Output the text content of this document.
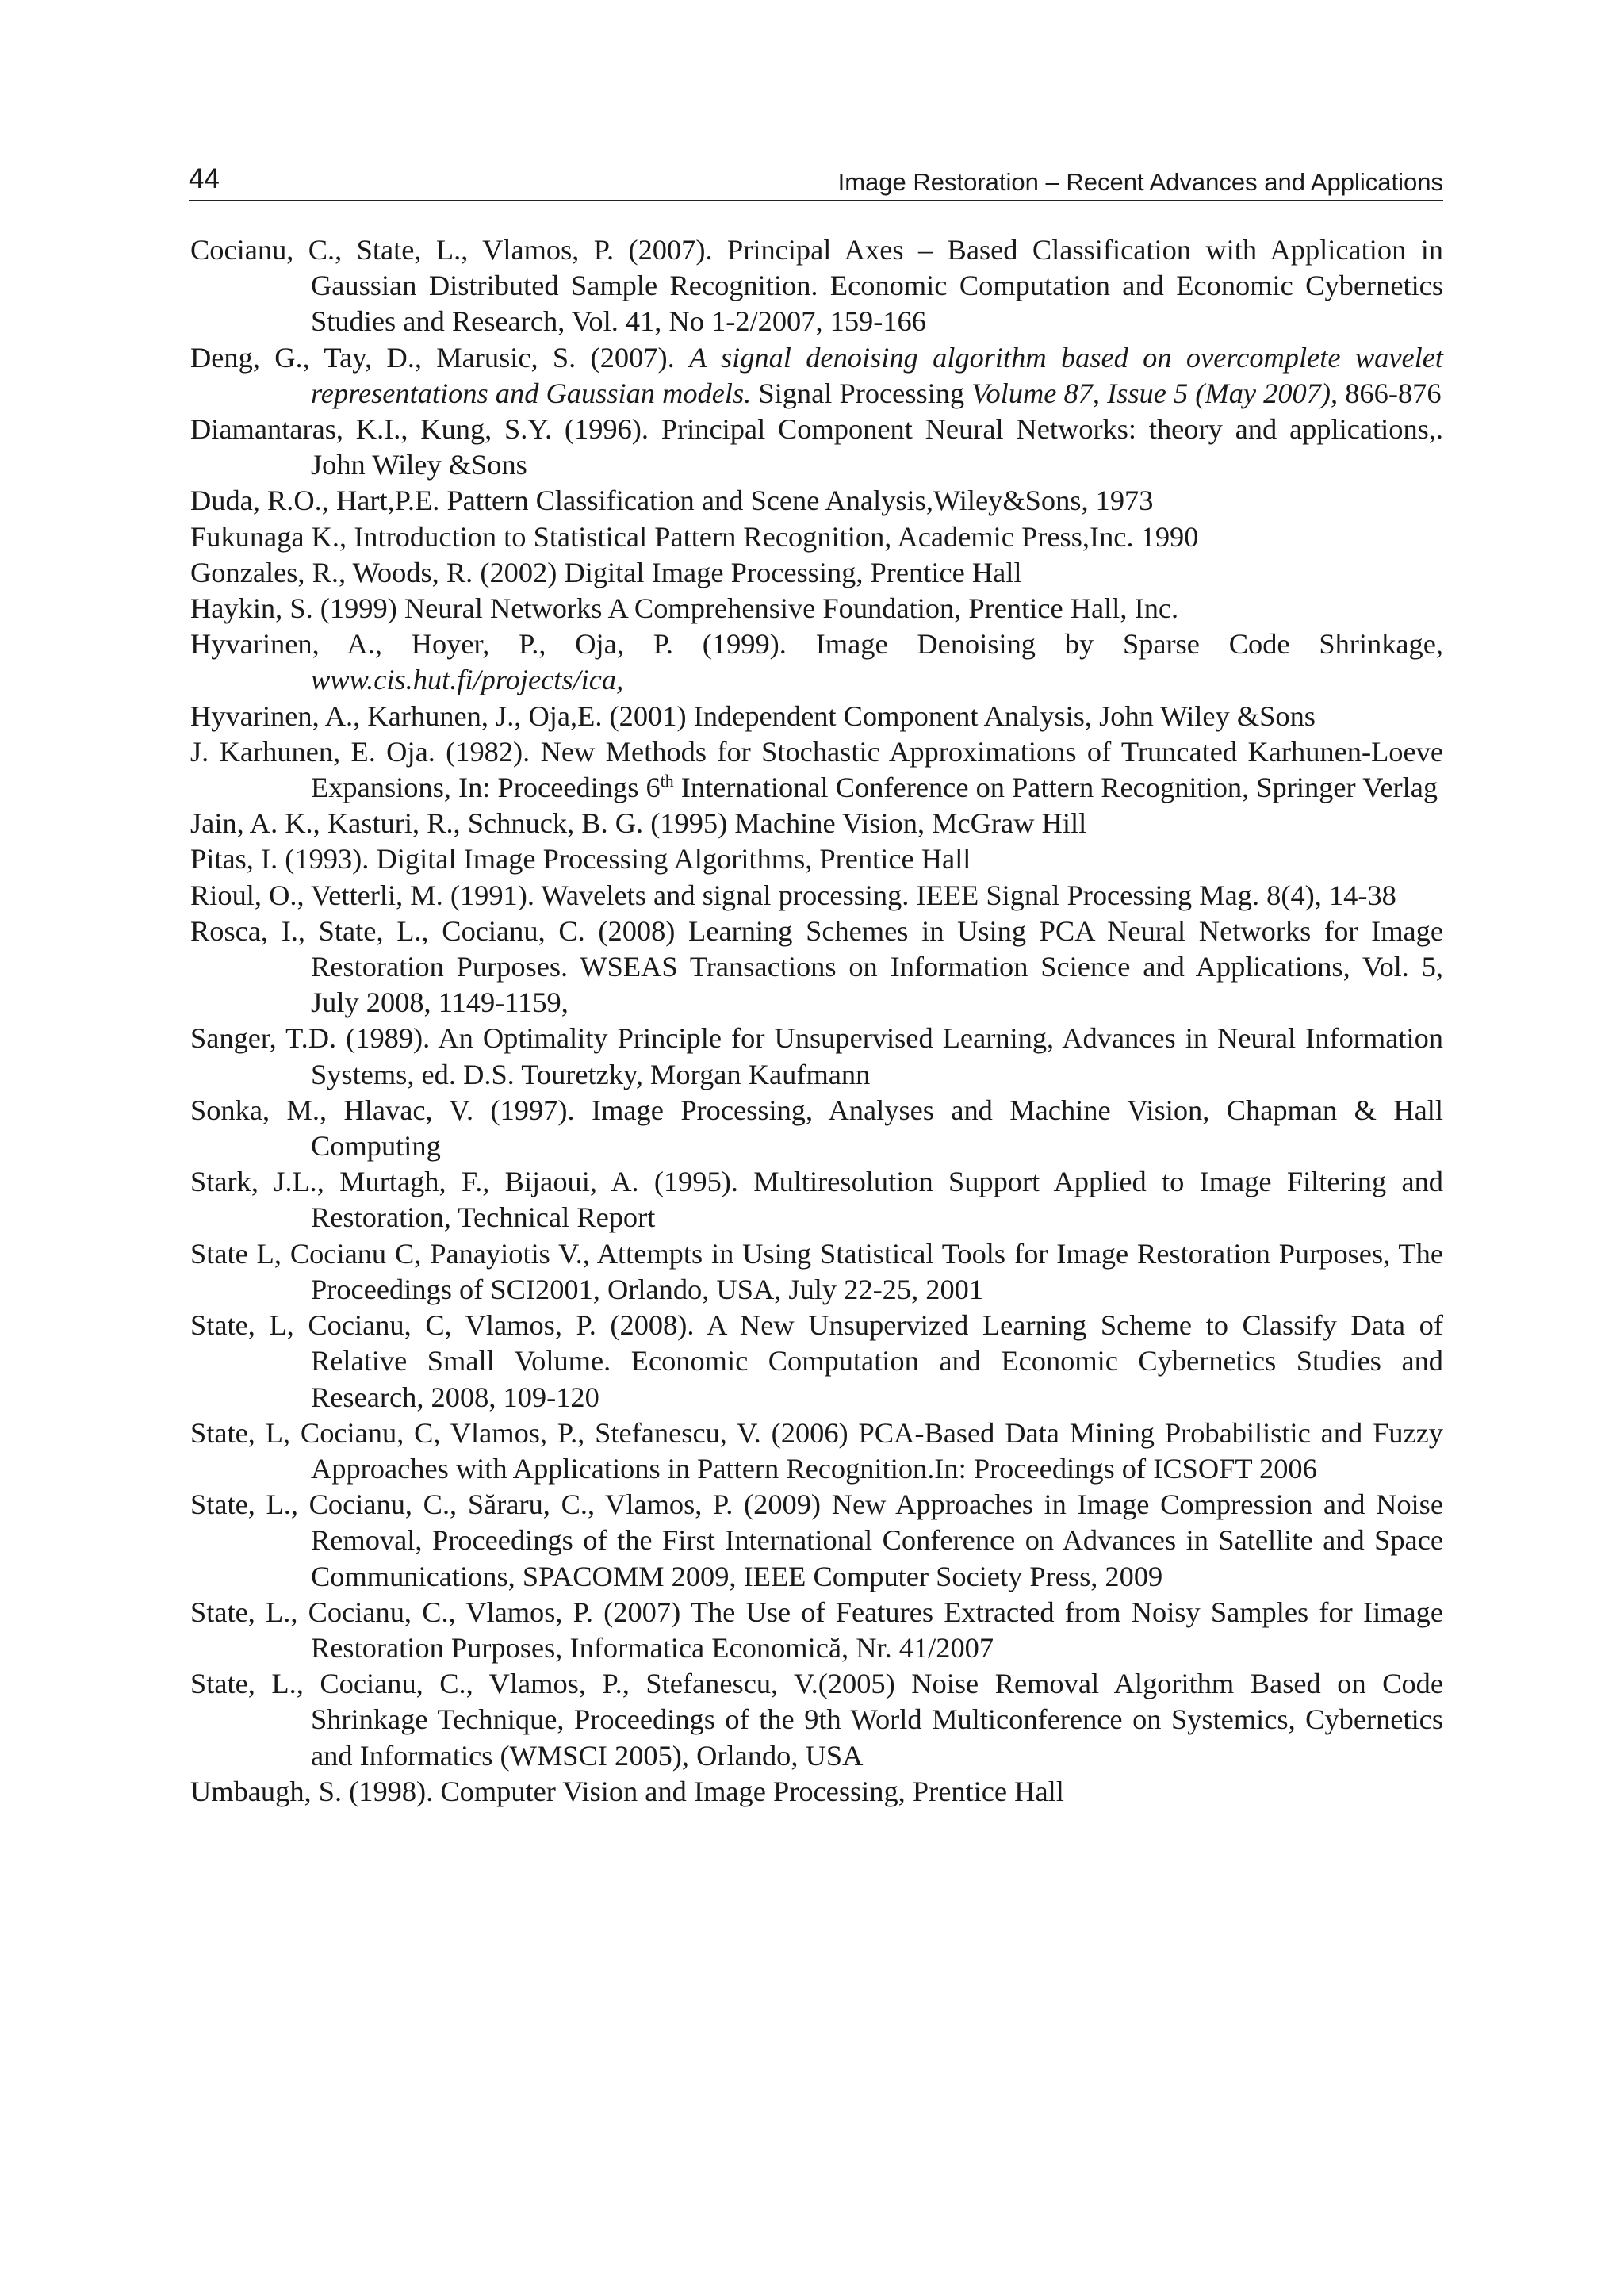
44	Image Restoration – Recent Advances and Applications
Cocianu, C., State, L., Vlamos, P. (2007). Principal Axes – Based Classification with Application in Gaussian Distributed Sample Recognition. Economic Computation and Economic Cybernetics Studies and Research, Vol. 41, No 1-2/2007, 159-166
Deng, G., Tay, D., Marusic, S. (2007). A signal denoising algorithm based on overcomplete wavelet representations and Gaussian models. Signal Processing Volume 87, Issue 5 (May 2007), 866-876
Diamantaras, K.I., Kung, S.Y. (1996). Principal Component Neural Networks: theory and applications,. John Wiley &Sons
Duda, R.O., Hart,P.E. Pattern Classification and Scene Analysis,Wiley&Sons, 1973
Fukunaga K., Introduction to Statistical Pattern Recognition, Academic Press,Inc. 1990
Gonzales, R., Woods, R. (2002) Digital Image Processing, Prentice Hall
Haykin, S. (1999) Neural Networks A Comprehensive Foundation, Prentice Hall, Inc.
Hyvarinen, A., Hoyer, P., Oja, P. (1999). Image Denoising by Sparse Code Shrinkage, www.cis.hut.fi/projects/ica,
Hyvarinen, A., Karhunen, J., Oja,E. (2001) Independent Component Analysis, John Wiley &Sons
J. Karhunen, E. Oja. (1982). New Methods for Stochastic Approximations of Truncated Karhunen-Loeve Expansions, In: Proceedings 6th International Conference on Pattern Recognition, Springer Verlag
Jain, A. K., Kasturi, R., Schnuck, B. G. (1995) Machine Vision, McGraw Hill
Pitas, I. (1993). Digital Image Processing Algorithms, Prentice Hall
Rioul, O., Vetterli, M. (1991). Wavelets and signal processing. IEEE Signal Processing Mag. 8(4), 14-38
Rosca, I., State, L., Cocianu, C. (2008) Learning Schemes in Using PCA Neural Networks for Image Restoration Purposes. WSEAS Transactions on Information Science and Applications, Vol. 5, July 2008, 1149-1159,
Sanger, T.D. (1989). An Optimality Principle for Unsupervised Learning, Advances in Neural Information Systems, ed. D.S. Touretzky, Morgan Kaufmann
Sonka, M., Hlavac, V. (1997). Image Processing, Analyses and Machine Vision, Chapman & Hall Computing
Stark, J.L., Murtagh, F., Bijaoui, A. (1995). Multiresolution Support Applied to Image Filtering and Restoration, Technical Report
State L, Cocianu C, Panayiotis V., Attempts in Using Statistical Tools for Image Restoration Purposes, The Proceedings of SCI2001, Orlando, USA, July 22-25, 2001
State, L, Cocianu, C, Vlamos, P. (2008). A New Unsupervized Learning Scheme to Classify Data of Relative Small Volume. Economic Computation and Economic Cybernetics Studies and Research, 2008, 109-120
State, L, Cocianu, C, Vlamos, P., Stefanescu, V. (2006) PCA-Based Data Mining Probabilistic and Fuzzy Approaches with Applications in Pattern Recognition.In: Proceedings of ICSOFT 2006
State, L., Cocianu, C., Săraru, C., Vlamos, P. (2009) New Approaches in Image Compression and Noise Removal, Proceedings of the First International Conference on Advances in Satellite and Space Communications, SPACOMM 2009, IEEE Computer Society Press, 2009
State, L., Cocianu, C., Vlamos, P. (2007) The Use of Features Extracted from Noisy Samples for Iimage Restoration Purposes, Informatica Economică, Nr. 41/2007
State, L., Cocianu, C., Vlamos, P., Stefanescu, V.(2005) Noise Removal Algorithm Based on Code Shrinkage Technique, Proceedings of the 9th World Multiconference on Systemics, Cybernetics and Informatics (WMSCI 2005), Orlando, USA
Umbaugh, S. (1998). Computer Vision and Image Processing, Prentice Hall
